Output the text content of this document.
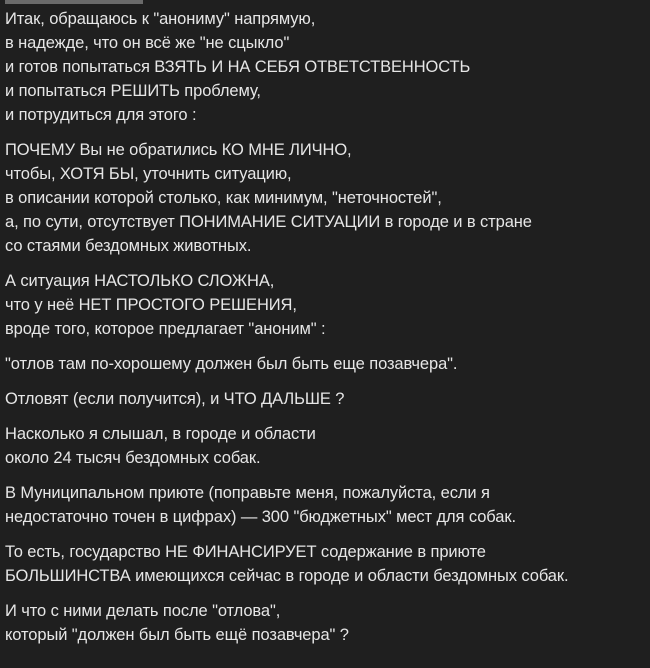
Итак, обращаюсь к "анониму" напрямую,
в надежде, что он всё же "не сцыкло"
и готов попытаться ВЗЯТЬ И НА СЕБЯ ОТВЕТСТВЕННОСТЬ
и попытаться РЕШИТЬ проблему,
и потрудиться для этого :

ПОЧЕМУ Вы не обратились КО МНЕ ЛИЧНО,
чтобы, ХОТЯ БЫ, уточнить ситуацию,
в описании которой столько, как минимум, "неточностей",
а, по сути, отсутствует ПОНИМАНИЕ СИТУАЦИИ в городе и в стране
со стаями бездомных животных.

А ситуация НАСТОЛЬКО СЛОЖНА,
что у неё НЕТ ПРОСТОГО РЕШЕНИЯ,
вроде того, которое предлагает "аноним" :

"отлов там по-хорошему должен был быть еще позавчера".

Отловят (если получится), и ЧТО ДАЛЬШЕ ?

Насколько я слышал, в городе и области
около 24 тысяч бездомных собак.

В Муниципальном приюте (поправьте меня, пожалуйста, если я
недостаточно точен в цифрах) — 300 "бюджетных" мест для собак.

То есть, государство НЕ ФИНАНСИРУЕТ содержание в приюте
БОЛЬШИНСТВА имеющихся сейчас в городе и области бездомных собак.

И что с ними делать после "отлова",
который "должен был быть ещё позавчера" ?
